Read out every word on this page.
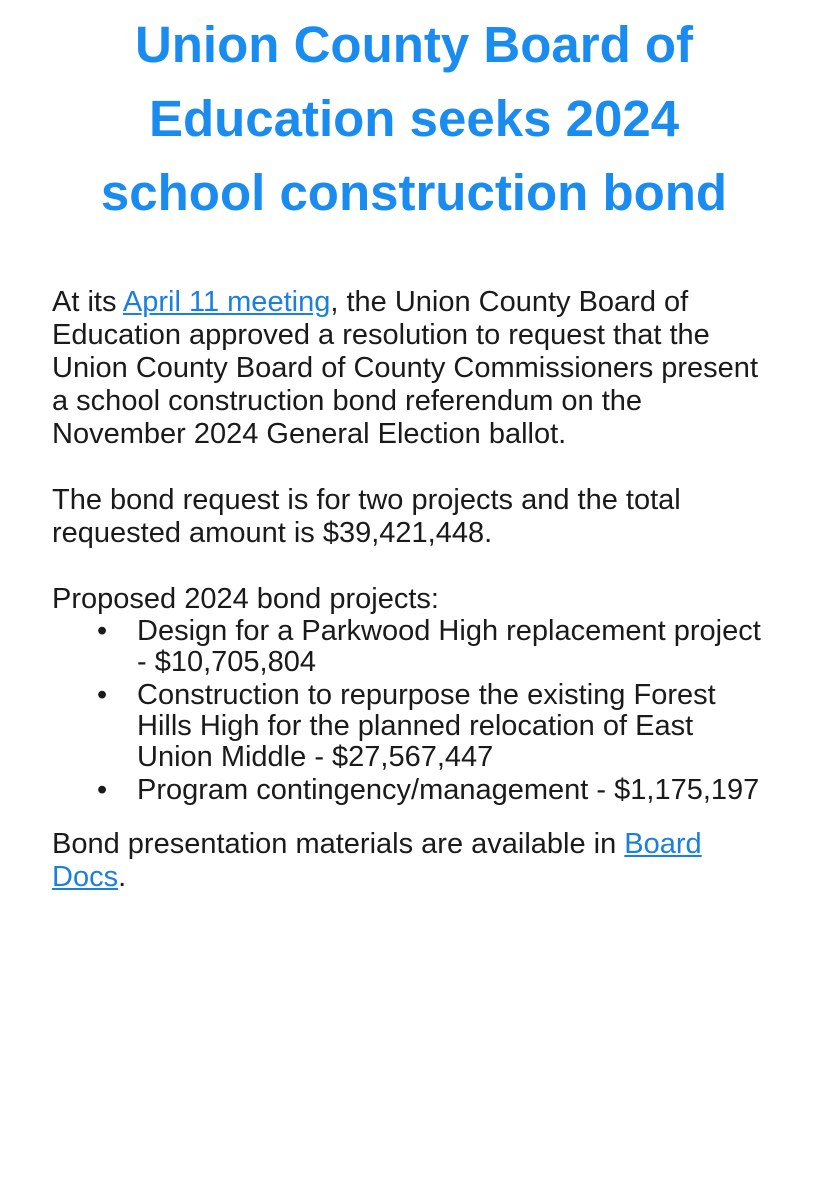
Union County Board of Education seeks 2024 school construction bond

At its April 11 meeting, the Union County Board of Education approved a resolution to request that the Union County Board of County Commissioners present a school construction bond referendum on the November 2024 General Election ballot.

The bond request is for two projects and the total requested amount is $39,421,448.

Proposed 2024 bond projects:

• Design for a Parkwood High replacement project - $10,705,804
• Construction to repurpose the existing Forest Hills High for the planned relocation of East Union Middle - $27,567,447
• Program contingency/management - $1,175,197

Bond presentation materials are available in Board Docs.
